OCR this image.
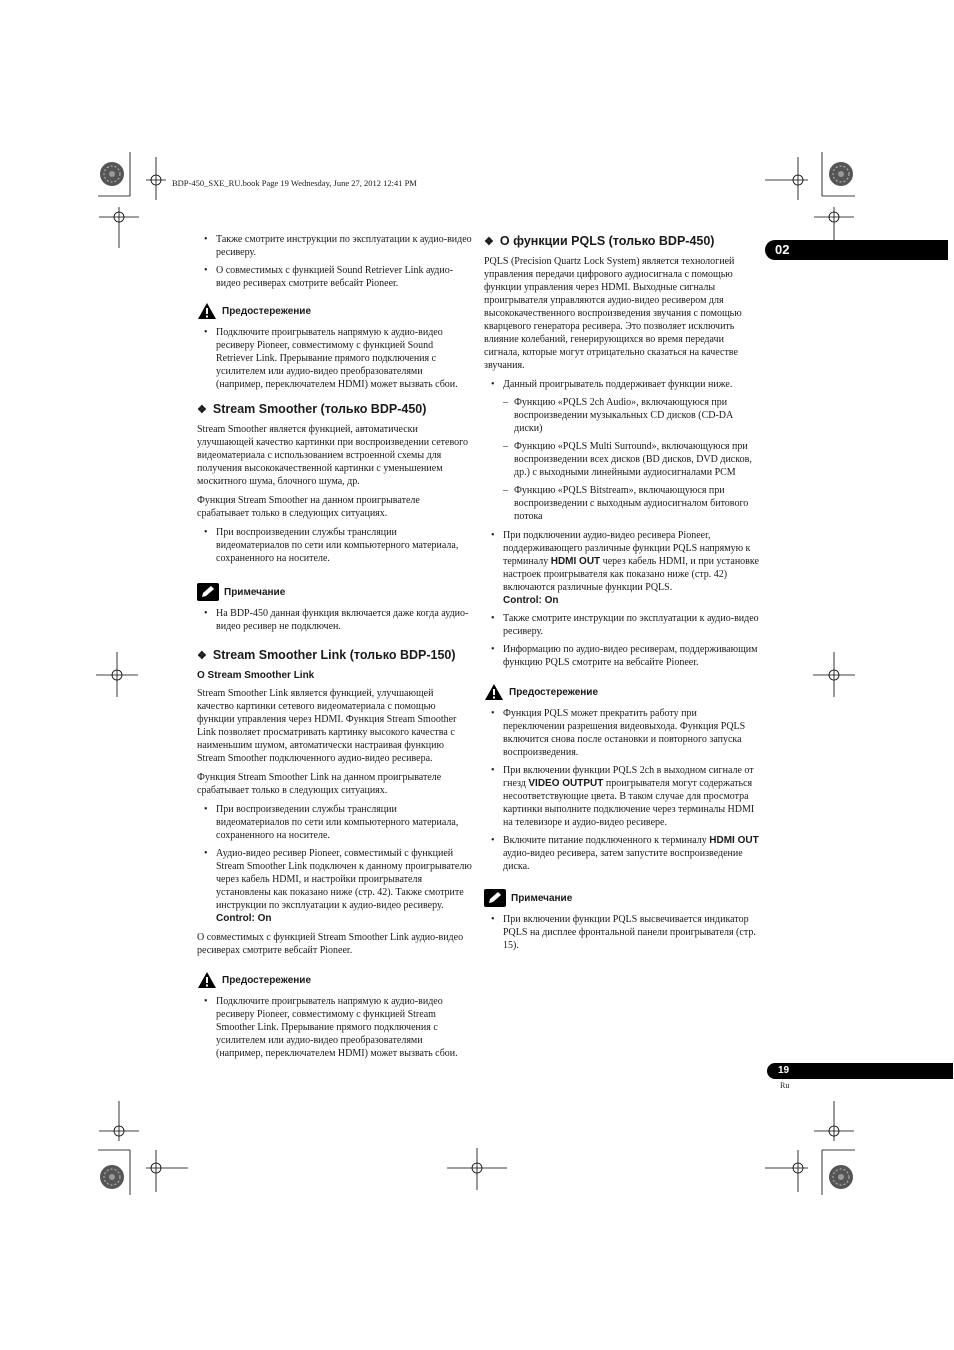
BDP-450_SXE_RU.book Page 19 Wednesday, June 27, 2012 12:41 PM
02
• Также смотрите инструкции по эксплуатации к аудио-видео ресиверу.
• О совместимых с функцией Sound Retriever Link аудио-видео ресиверах смотрите вебсайт Pioneer.
Предостережение
• Подключите проигрыватель напрямую к аудио-видео ресиверу Pioneer, совместимому с функцией Sound Retriever Link. Прерывание прямого подключения с усилителем или аудио-видео преобразователями (например, переключателем HDMI) может вызвать сбои.
❖ Stream Smoother (только BDP-450)

Stream Smoother является функцией, автоматически улучшающей качество картинки при воспроизведении сетевого видеоматериала с использованием встроенной схемы для получения высококачественной картинки с уменьшением москитного шума, блочного шума, др.

Функция Stream Smoother на данном проигрывателе срабатывает только в следующих ситуациях.

• При воспроизведении службы трансляции видеоматериалов по сети или компьютерного материала, сохраненного на носителе.
Примечание
• На BDP-450 данная функция включается даже когда аудио-видео ресивер не подключен.
❖ Stream Smoother Link (только BDP-150)
О Stream Smoother Link

Stream Smoother Link является функцией, улучшающей качество картинки сетевого видеоматериала с помощью функции управления через HDMI. Функция Stream Smoother Link позволяет просматривать картинку высокого качества с наименьшим шумом, автоматически настраивая функцию Stream Smoother подключенного аудио-видео ресивера.

Функция Stream Smoother Link на данном проигрывателе срабатывает только в следующих ситуациях.

• При воспроизведении службы трансляции видеоматериалов по сети или компьютерного материала, сохраненного на носителе.
• Аудио-видео ресивер Pioneer, совместимый с функцией Stream Smoother Link подключен к данному проигрывателю через кабель HDMI, и настройки проигрывателя установлены как показано ниже (стр. 42). Также смотрите инструкции по эксплуатации к аудио-видео ресиверу.
Control: On

О совместимых с функцией Stream Smoother Link аудио-видео ресиверах смотрите вебсайт Pioneer.

Предостережение
• Подключите проигрыватель напрямую к аудио-видео ресиверу Pioneer, совместимому с функцией Stream Smoother Link. Прерывание прямого подключения с усилителем или аудио-видео преобразователями (например, переключателем HDMI) может вызвать сбои.
❖ О функции PQLS (только BDP-450)

PQLS (Precision Quartz Lock System) является технологией управления передачи цифрового аудиосигнала с помощью функции управления через HDMI. Выходные сигналы проигрывателя управляются аудио-видео ресивером для высококачественного воспроизведения звучания с помощью кварцевого генератора ресивера. Это позволяет исключить влияние колебаний, генерирующихся во время передачи сигнала, которые могут отрицательно сказаться на качестве звучания.

• Данный проигрыватель поддерживает функции ниже.
– Функцию «PQLS 2ch Audio», включающуюся при воспроизведении музыкальных CD дисков (CD-DA диски)
– Функцию «PQLS Multi Surround», включающуюся при воспроизведении всех дисков (BD дисков, DVD дисков, др.) с выходными линейными аудиосигналами PCM
– Функцию «PQLS Bitstream», включающуюся при воспроизведении с выходным аудиосигналом битового потока
• При подключении аудио-видео ресивера Pioneer, поддерживающего различные функции PQLS напрямую к терминалу HDMI OUT через кабель HDMI, и при установке настроек проигрывателя как показано ниже (стр. 42) включаются различные функции PQLS.
Control: On
• Также смотрите инструкции по эксплуатации к аудио-видео ресиверу.
• Информацию по аудио-видео ресиверам, поддерживающим функцию PQLS смотрите на вебсайте Pioneer.
Предостережение
• Функция PQLS может прекратить работу при переключении разрешения видеовыхода. Функция PQLS включится снова после остановки и повторного запуска воспроизведения.
• При включении функции PQLS 2ch в выходном сигнале от гнезд VIDEO OUTPUT проигрывателя могут содержаться несоответствующие цвета. В таком случае для просмотра картинки выполните подключение через терминалы HDMI на телевизоре и аудио-видео ресивере.
• Включите питание подключенного к терминалу HDMI OUT аудио-видео ресивера, затем запустите воспроизведение диска.
Примечание
• При включении функции PQLS высвечивается индикатор PQLS на дисплее фронтальной панели проигрывателя (стр. 15).
19
Ru
